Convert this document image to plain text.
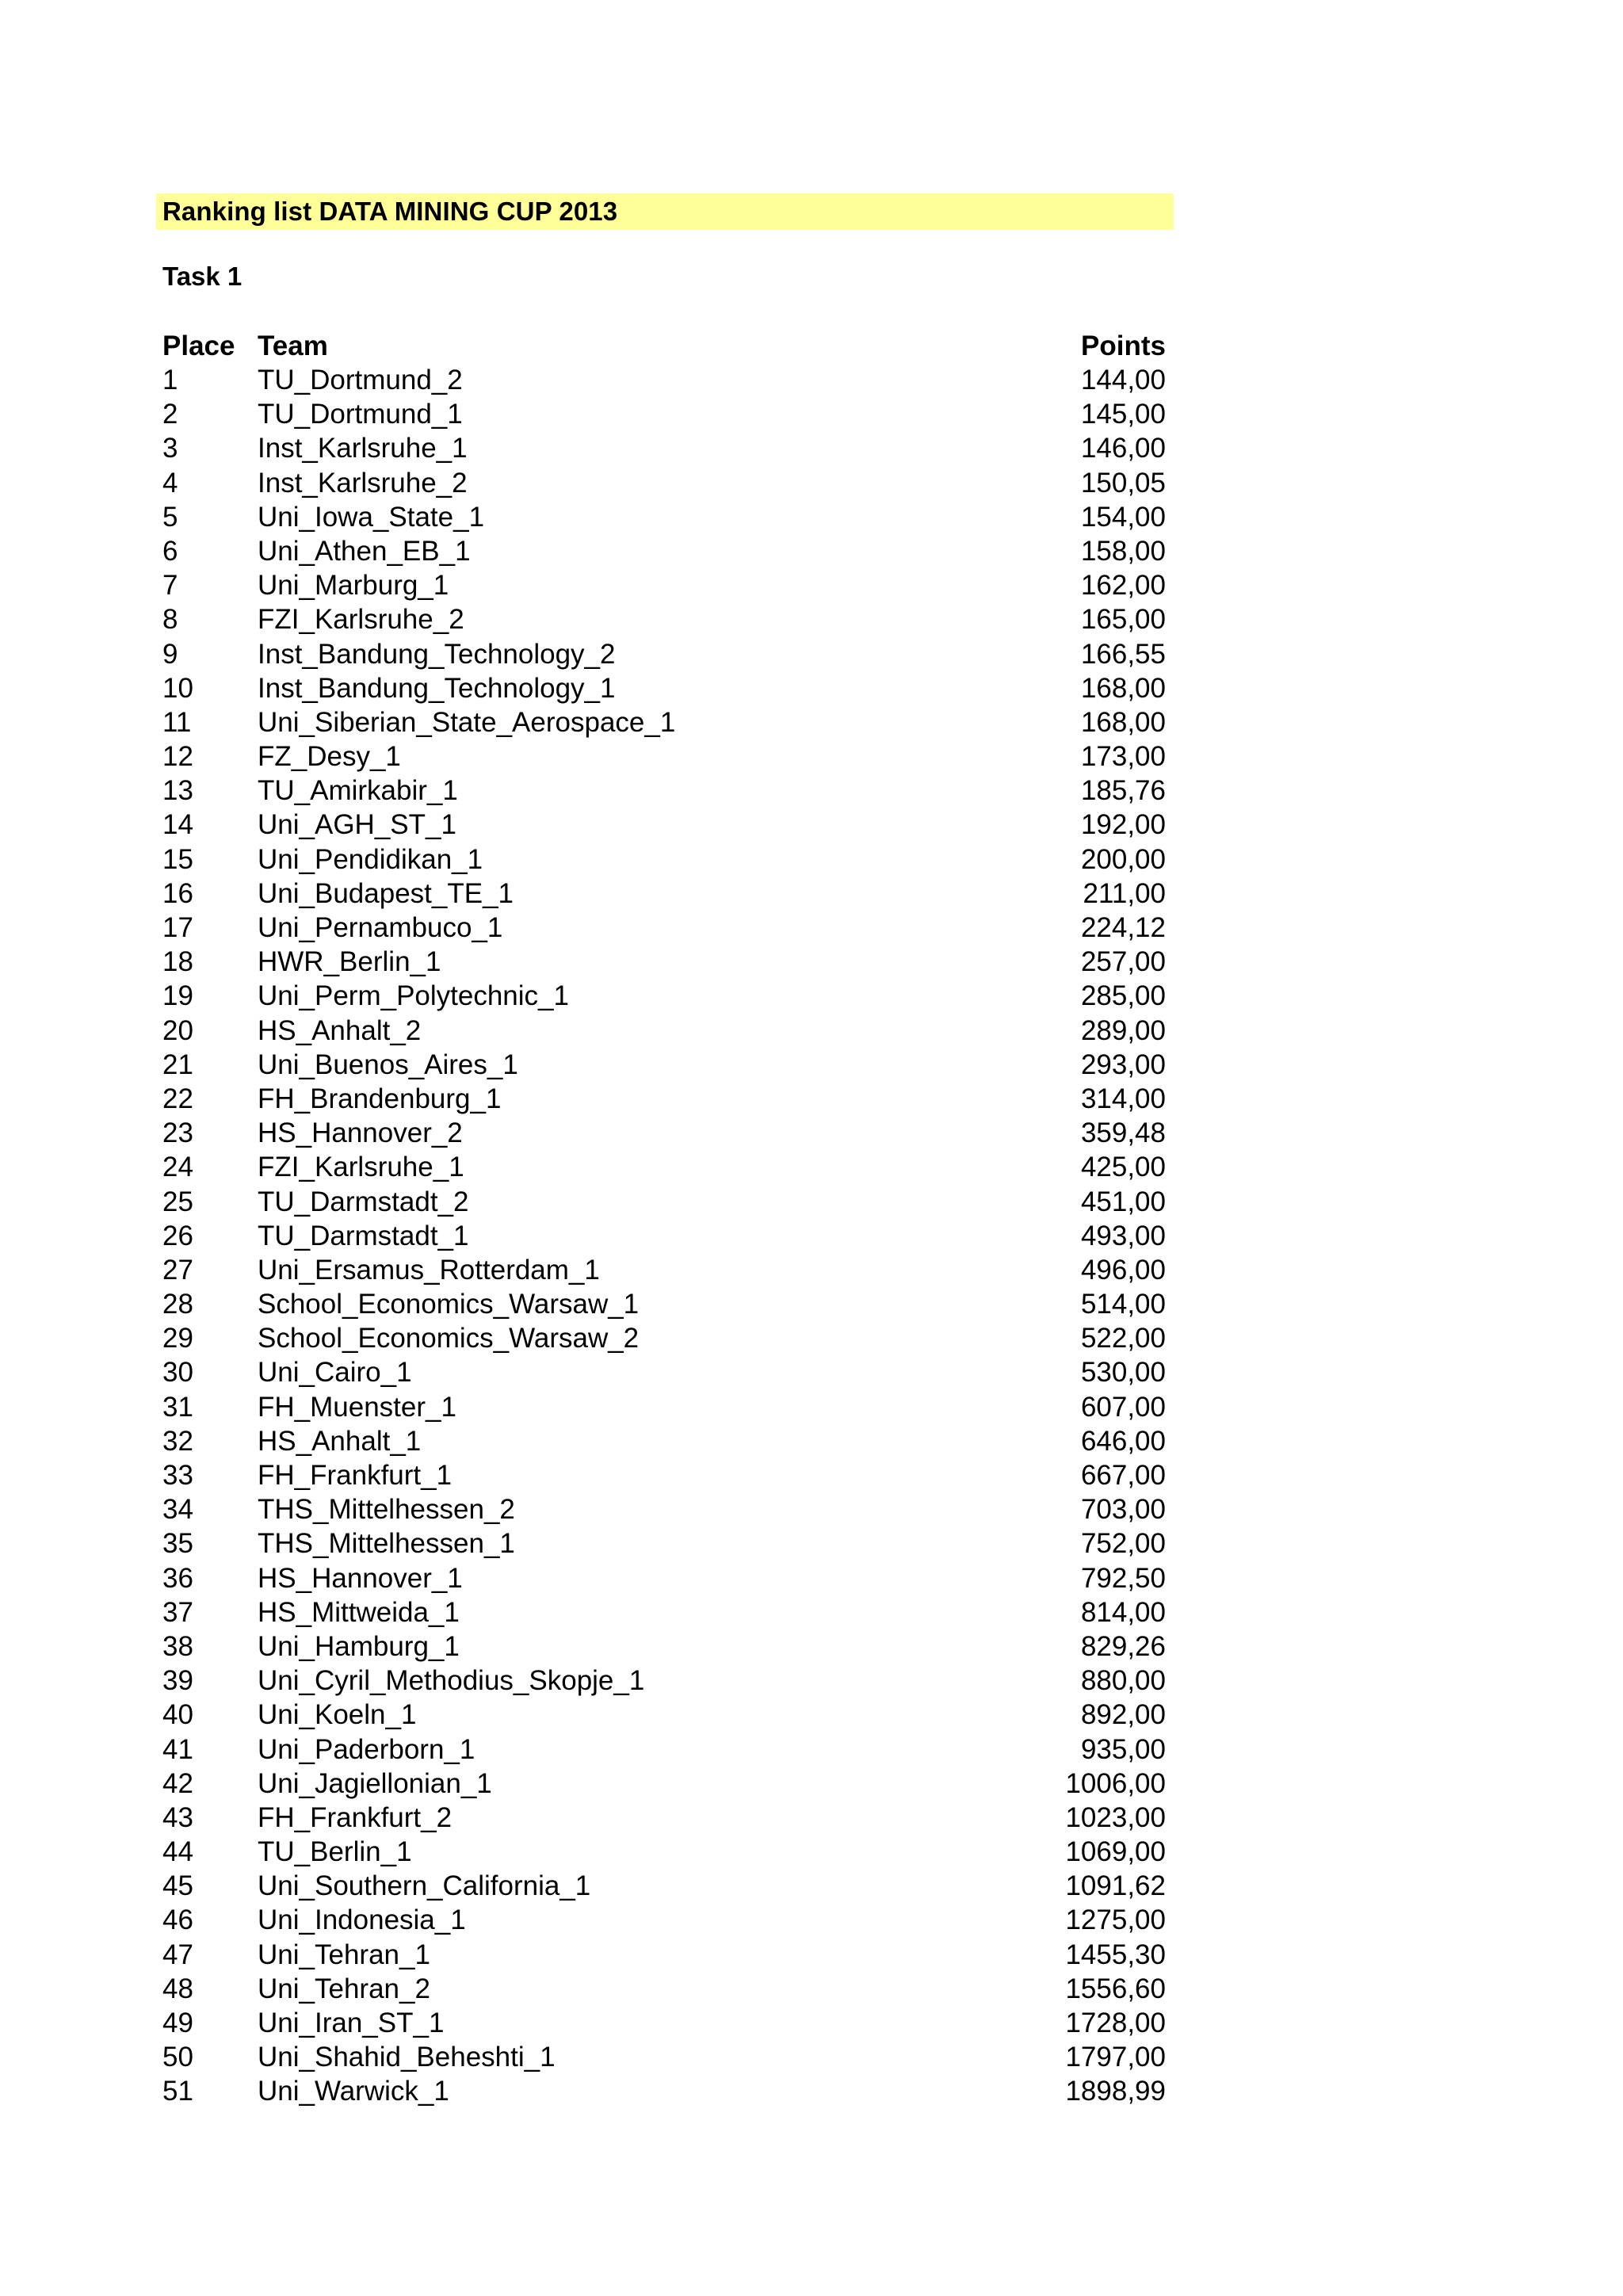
Ranking list DATA MINING CUP 2013
Task 1
Place Team	Points
1	TU_Dortmund_2	144,00
2	TU_Dortmund_1	145,00
3	Inst_Karlsruhe_1	146,00
4	Inst_Karlsruhe_2	150,05
5	Uni_Iowa_State_1	154,00
6	Uni_Athen_EB_1	158,00
7	Uni_Marburg_1	162,00
8	FZI_Karlsruhe_2	165,00
9	Inst_Bandung_Technology_2	166,55
10 Inst_Bandung_Technology_1	168,00
11 Uni_Siberian_State_Aerospace_1	168,00
12 FZ_Desy_1	173,00
13 TU_Amirkabir_1	185,76
14 Uni_AGH_ST_1	192,00
15 Uni_Pendidikan_1	200,00
16 Uni_Budapest_TE_1	211,00
17 Uni_Pernambuco_1	224,12
18 HWR_Berlin_1	257,00
19 Uni_Perm_Polytechnic_1	285,00
20 HS_Anhalt_2	289,00
21 Uni_Buenos_Aires_1	293,00
22 FH_Brandenburg_1	314,00
23 HS_Hannover_2	359,48
24 FZI_Karlsruhe_1	425,00
25 TU_Darmstadt_2	451,00
26 TU_Darmstadt_1	493,00
27 Uni_Ersamus_Rotterdam_1	496,00
28 School_Economics_Warsaw_1	514,00
29 School_Economics_Warsaw_2	522,00
30 Uni_Cairo_1	530,00
31 FH_Muenster_1	607,00
32 HS_Anhalt_1	646,00
33 FH_Frankfurt_1	667,00
34 THS_Mittelhessen_2	703,00
35 THS_Mittelhessen_1	752,00
36 HS_Hannover_1	792,50
37 HS_Mittweida_1	814,00
38 Uni_Hamburg_1	829,26
39 Uni_Cyril_Methodius_Skopje_1	880,00
40 Uni_Koeln_1	892,00
41 Uni_Paderborn_1	935,00
42 Uni_Jagiellonian_1	1006,00
43 FH_Frankfurt_2	1023,00
44 TU_Berlin_1	1069,00
45 Uni_Southern_California_1	1091,62
46 Uni_Indonesia_1	1275,00
47 Uni_Tehran_1	1455,30
48 Uni_Tehran_2	1556,60
49 Uni_Iran_ST_1	1728,00
50 Uni_Shahid_Beheshti_1	1797,00
51 Uni_Warwick_1	1898,99
